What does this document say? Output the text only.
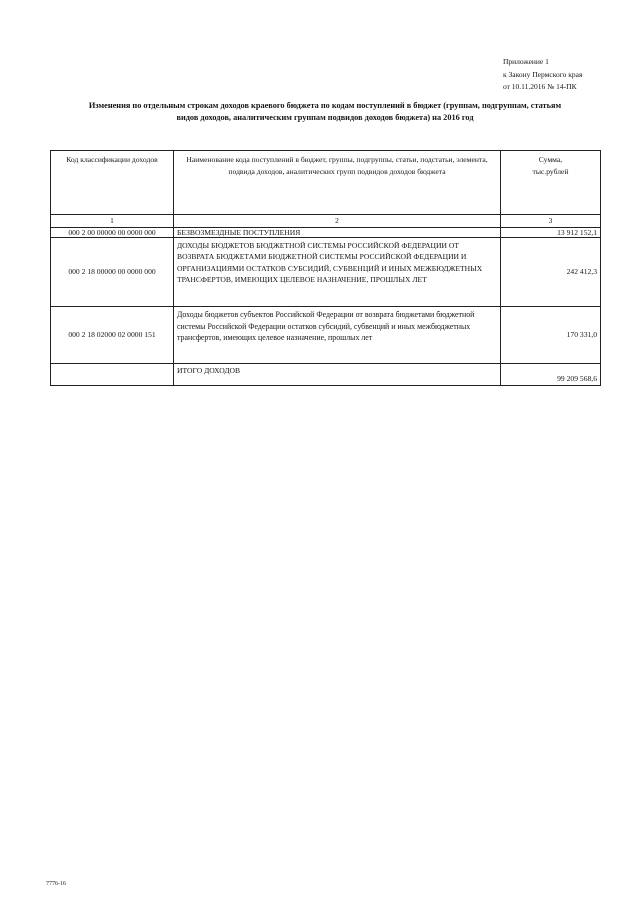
Приложение 1
к Закону Пермского края
от 10.11.2016 № 14-ПК
Изменения по отдельным строкам доходов краевого бюджета по кодам поступлений в бюджет (группам, подгруппам, статьям
видов доходов, аналитическим группам подвидов доходов бюджета) на 2016 год
Код классификации доходов	Наименование кода поступлений в бюджет, группы, подгруппы, статьи, подстатьи, элемента, подвида доходов, аналитических групп подвидов доходов бюджета	Сумма,
тыс.рублей

1	2	3
000 2 00 00000 00 0000 000	БЕЗВОЗМЕЗДНЫЕ ПОСТУПЛЕНИЯ	13 912 152,1
000 2 18 00000 00 0000 000	ДОХОДЫ БЮДЖЕТОВ БЮДЖЕТНОЙ СИСТЕМЫ РОССИЙСКОЙ ФЕДЕРАЦИИ ОТ ВОЗВРАТА БЮДЖЕТАМИ БЮДЖЕТНОЙ СИСТЕМЫ РОССИЙСКОЙ ФЕДЕРАЦИИ И ОРГАНИЗАЦИЯМИ ОСТАТКОВ СУБСИДИЙ, СУБВЕНЦИЙ И ИНЫХ МЕЖБЮДЖЕТНЫХ ТРАНСФЕРТОВ, ИМЕЮЩИХ ЦЕЛЕВОЕ НАЗНАЧЕНИЕ, ПРОШЛЫХ ЛЕТ	242 412,3
000 2 18 02000 02 0000 151	Доходы бюджетов субъектов Российской Федерации от возврата бюджетами бюджетной системы Российской Федерации остатков субсидий, субвенций и иных межбюджетных трансфертов, имеющих целевое назначение, прошлых лет	170 331,0
	ИТОГО ДОХОДОВ	99 209 568,6
7776-16
